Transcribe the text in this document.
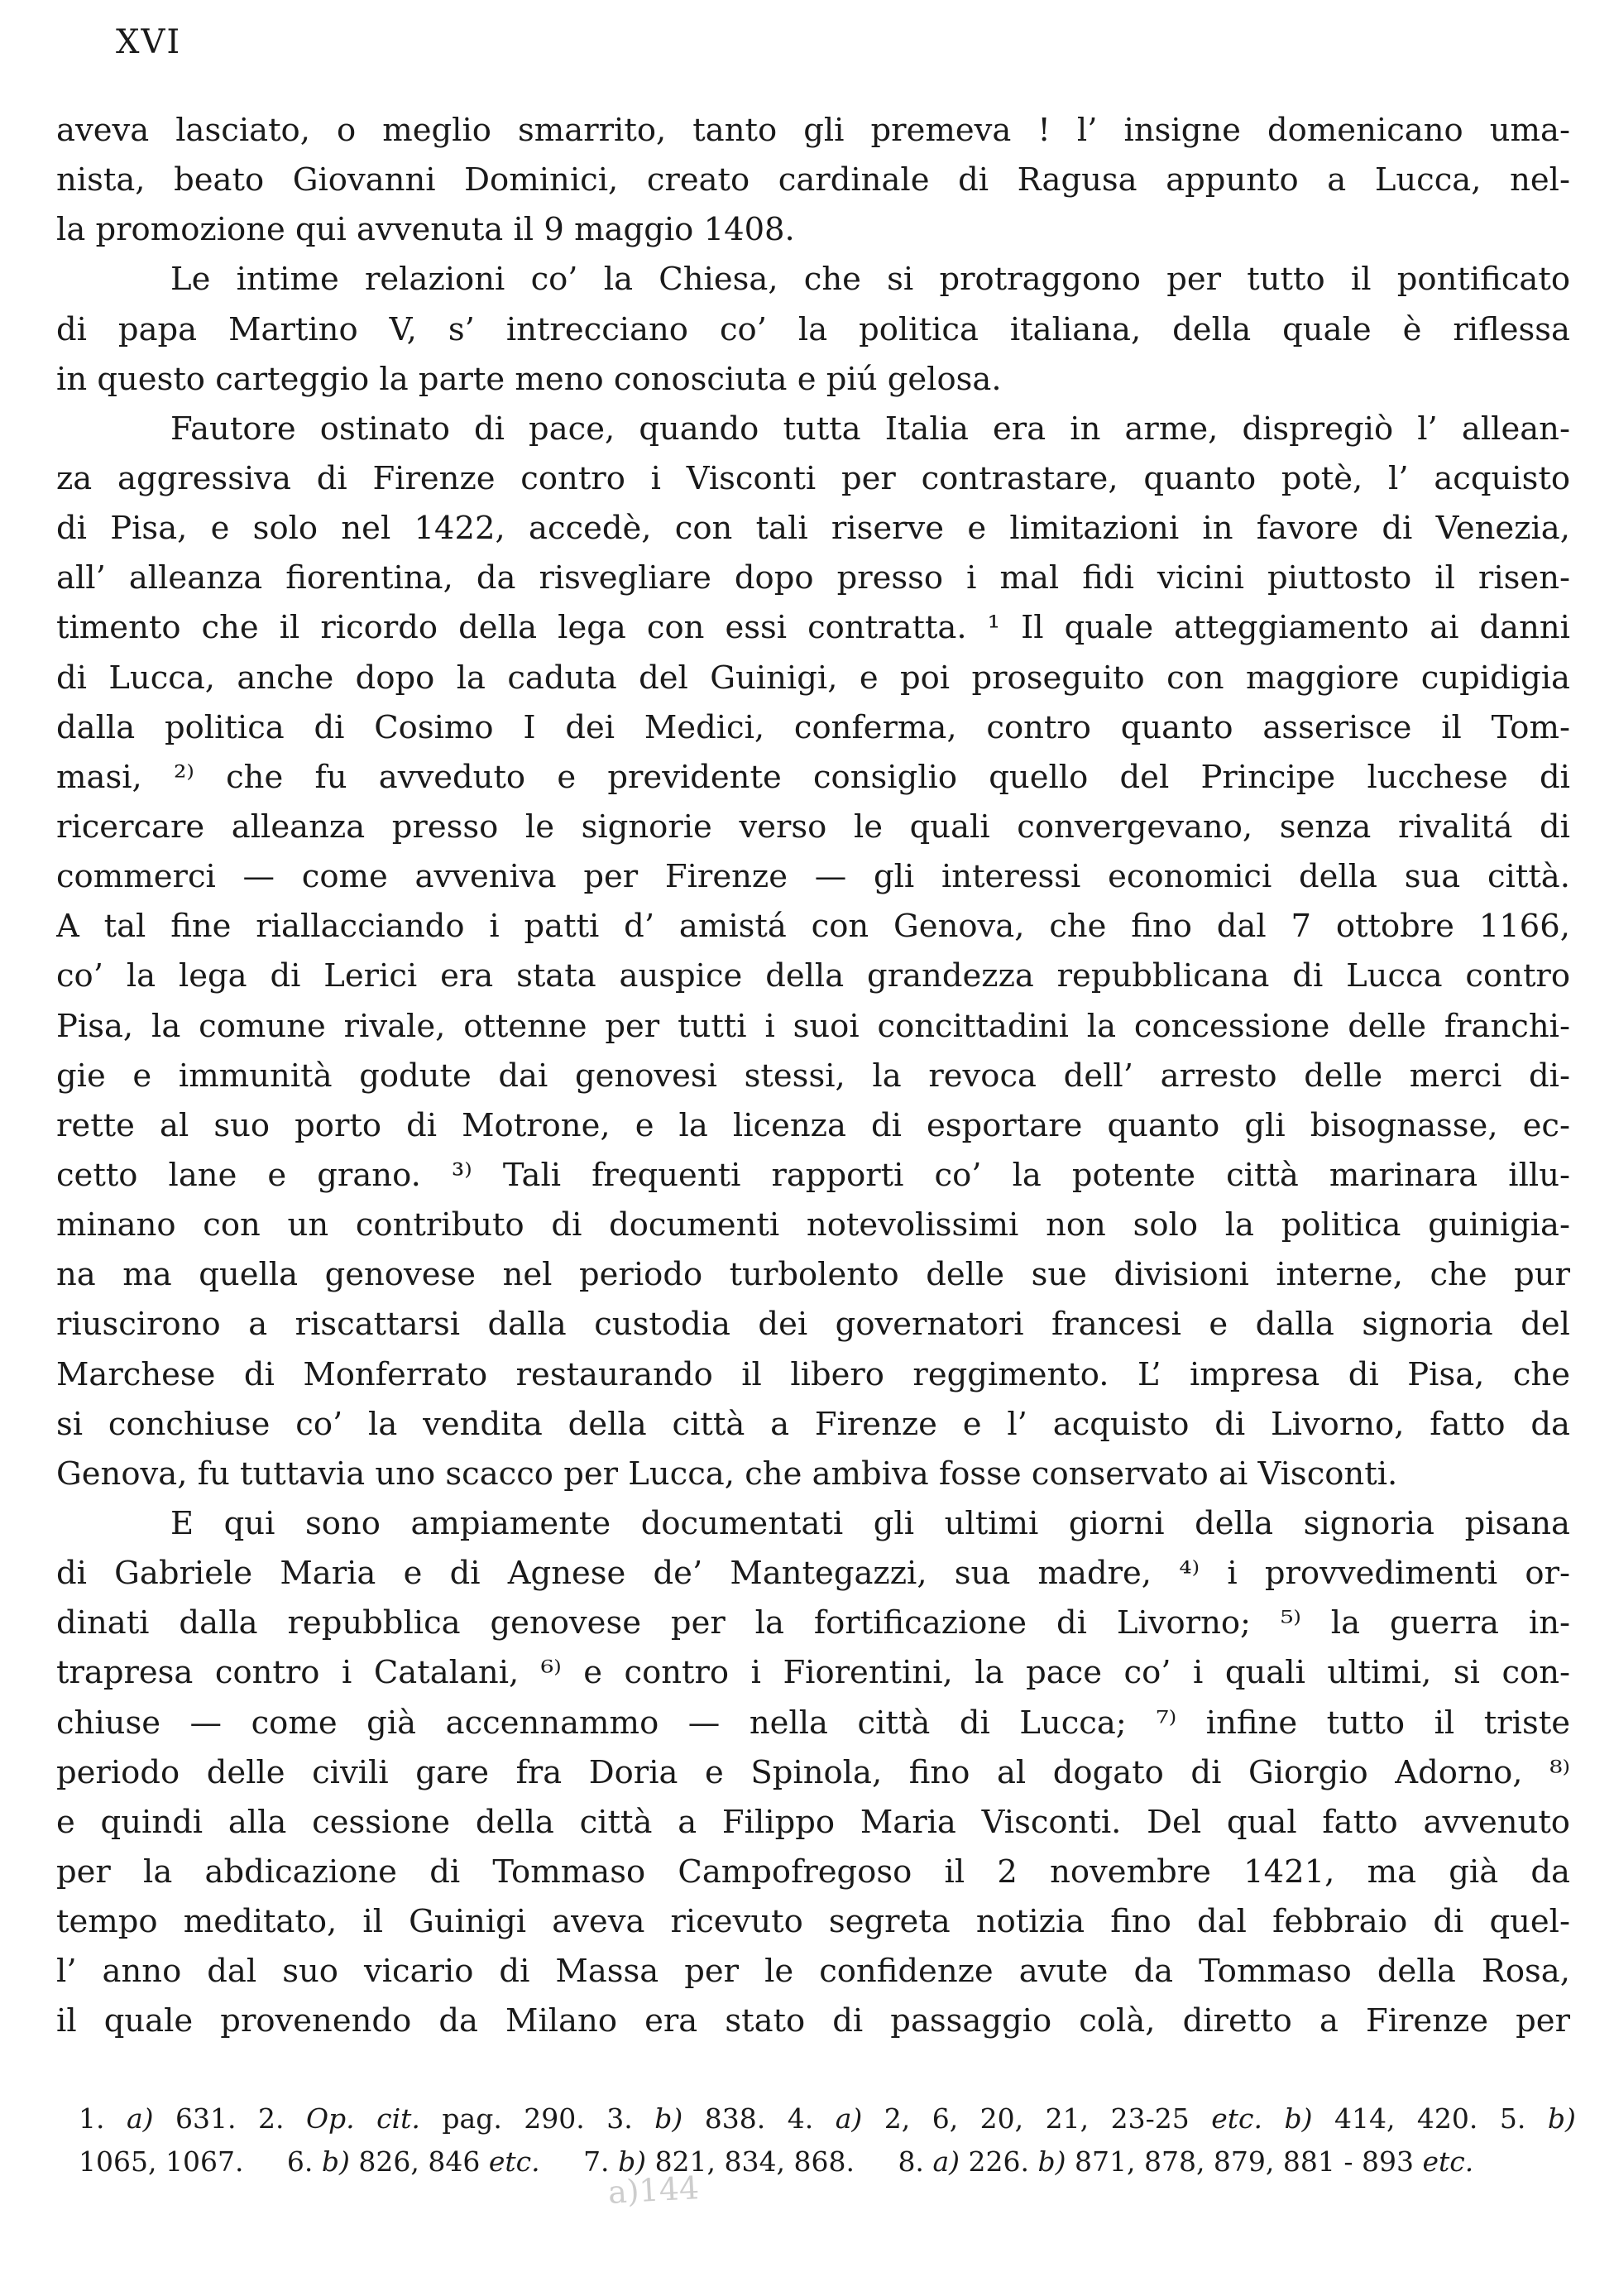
XVI
aveva lasciato, o meglio smarrito, tanto gli premeva ! l’ insigne domenicano uma-
nista, beato Giovanni Dominici, creato cardinale di Ragusa appunto a Lucca, nel-
la promozione qui avvenuta il 9 maggio 1408.
Le intime relazioni co’ la Chiesa, che si protraggono per tutto il pontificato
di papa Martino V, s’ intrecciano co’ la politica italiana, della quale è riflessa
in questo carteggio la parte meno conosciuta e piú gelosa.
Fautore ostinato di pace, quando tutta Italia era in arme, dispregiò l’ allean-
za aggressiva di Firenze contro i Visconti per contrastare, quanto potè, l’ acquisto
di Pisa, e solo nel 1422, accedè, con tali riserve e limitazioni in favore di Venezia,
all’ alleanza fiorentina, da risvegliare dopo presso i mal fidi vicini piuttosto il risen-
timento che il ricordo della lega con essi contratta. ¹ Il quale atteggiamento ai danni
di Lucca, anche dopo la caduta del Guinigi, e poi proseguito con maggiore cupidigia
dalla politica di Cosimo I dei Medici, conferma, contro quanto asserisce il Tom-
masi, ²⁾ che fu avveduto e previdente consiglio quello del Principe lucchese di
ricercare alleanza presso le signorie verso le quali convergevano, senza rivalitá di
commerci — come avveniva per Firenze — gli interessi economici della sua città.
A tal fine riallacciando i patti d’ amistá con Genova, che fino dal 7 ottobre 1166,
co’ la lega di Lerici era stata auspice della grandezza repubblicana di Lucca contro
Pisa, la comune rivale, ottenne per tutti i suoi concittadini la concessione delle franchi-
gie e immunità godute dai genovesi stessi, la revoca dell’ arresto delle merci di-
rette al suo porto di Motrone, e la licenza di esportare quanto gli bisognasse, ec-
cetto lane e grano. ³⁾ Tali frequenti rapporti co’ la potente città marinara illu-
minano con un contributo di documenti notevolissimi non solo la politica guinigia-
na ma quella genovese nel periodo turbolento delle sue divisioni interne, che pur
riuscirono a riscattarsi dalla custodia dei governatori francesi e dalla signoria del
Marchese di Monferrato restaurando il libero reggimento. L’ impresa di Pisa, che
si conchiuse co’ la vendita della città a Firenze e l’ acquisto di Livorno, fatto da
Genova, fu tuttavia uno scacco per Lucca, che ambiva fosse conservato ai Visconti.
E qui sono ampiamente documentati gli ultimi giorni della signoria pisana
di Gabriele Maria e di Agnese de’ Mantegazzi, sua madre, ⁴⁾ i provvedimenti or-
dinati dalla repubblica genovese per la fortificazione di Livorno; ⁵⁾ la guerra in-
trapresa contro i Catalani, ⁶⁾ e contro i Fiorentini, la pace co’ i quali ultimi, si con-
chiuse — come già accennammo — nella città di Lucca; ⁷⁾ infine tutto il triste
periodo delle civili gare fra Doria e Spinola, fino al dogato di Giorgio Adorno, ⁸⁾
e quindi alla cessione della città a Filippo Maria Visconti. Del qual fatto avvenuto
per la abdicazione di Tommaso Campofregoso il 2 novembre 1421, ma già da
tempo meditato, il Guinigi aveva ricevuto segreta notizia fino dal febbraio di quel-
l’ anno dal suo vicario di Massa per le confidenze avute da Tommaso della Rosa,
il quale provenendo da Milano era stato di passaggio colà, diretto a Firenze per
1. a) 631. 2. Op. cit. pag. 290. 3. b) 838. 4. a) 2, 6, 20, 21, 23-25 etc. b) 414, 420. 5. b)
1065, 1067. 6. b) 826, 846 etc. 7. b) 821, 834, 868. 8. a) 226. b) 871, 878, 879, 881 - 893 etc.
a)144
